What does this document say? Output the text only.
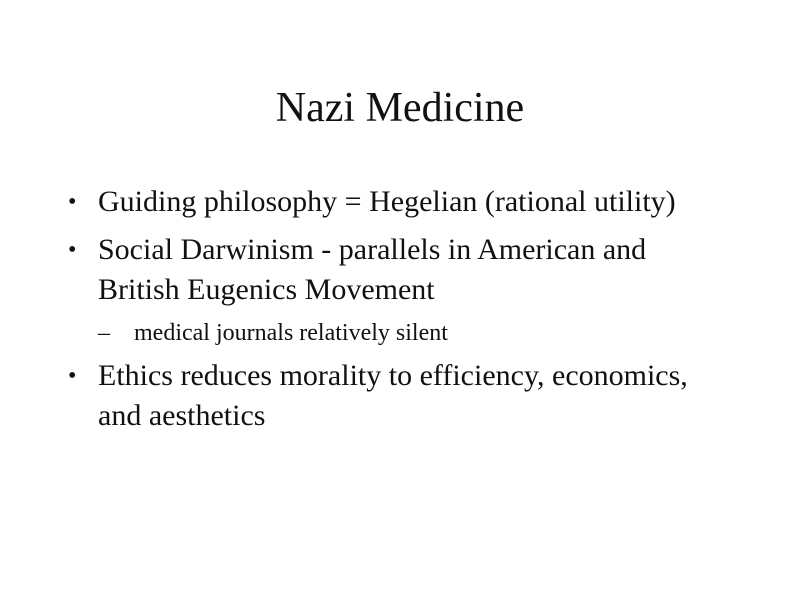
Nazi Medicine
• Guiding philosophy = Hegelian (rational utility)
• Social Darwinism - parallels in American and British Eugenics Movement
–	medical journals relatively silent
• Ethics reduces morality to efficiency, economics, and aesthetics
